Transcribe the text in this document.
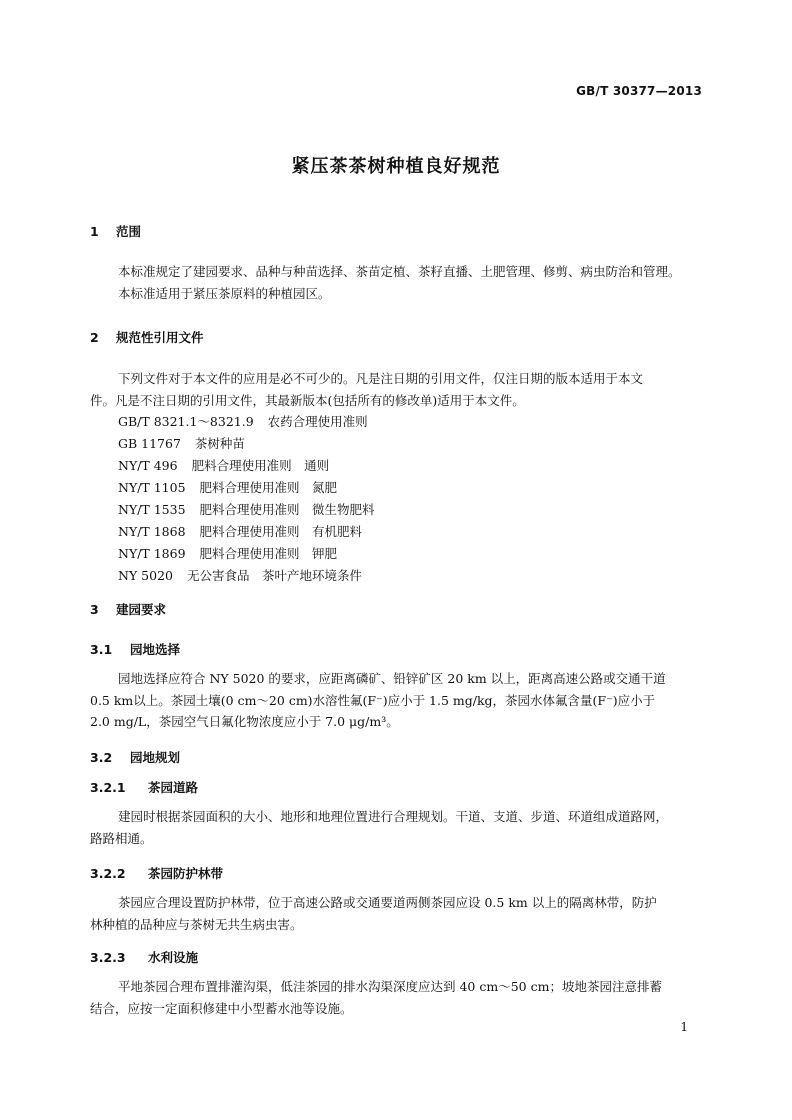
GB/T 30377—2013
紧压茶茶树种植良好规范
1 范围
本标准规定了建园要求、品种与种苗选择、茶苗定植、茶籽直播、土肥管理、修剪、病虫防治和管理。
本标准适用于紧压茶原料的种植园区。
2 规范性引用文件
下列文件对于本文件的应用是必不可少的。凡是注日期的引用文件，仅注日期的版本适用于本文
件。凡是不注日期的引用文件，其最新版本(包括所有的修改单)适用于本文件。
GB/T 8321.1～8321.9 农药合理使用准则
GB 11767 茶树种苗
NY/T 496 肥料合理使用准则　通则
NY/T 1105 肥料合理使用准则　氮肥
NY/T 1535 肥料合理使用准则　微生物肥料
NY/T 1868 肥料合理使用准则　有机肥料
NY/T 1869 肥料合理使用准则　钾肥
NY 5020 无公害食品　茶叶产地环境条件
3 建园要求
3.1 园地选择
园地选择应符合 NY 5020 的要求，应距离磷矿、铅锌矿区 20 km 以上，距离高速公路或交通干道
0.5 km以上。茶园土壤(0 cm～20 cm)水溶性氟(F⁻)应小于 1.5 mg/kg，茶园水体氟含量(F⁻)应小于
2.0 mg/L，茶园空气日氟化物浓度应小于 7.0 μg/m³。
3.2 园地规划
3.2.1 茶园道路
建园时根据茶园面积的大小、地形和地理位置进行合理规划。干道、支道、步道、环道组成道路网，
路路相通。
3.2.2 茶园防护林带
茶园应合理设置防护林带，位于高速公路或交通要道两侧茶园应设 0.5 km 以上的隔离林带，防护
林种植的品种应与茶树无共生病虫害。
3.2.3 水利设施
平地茶园合理布置排灌沟渠，低洼茶园的排水沟渠深度应达到 40 cm～50 cm；坡地茶园注意排蓄
结合，应按一定面积修建中小型蓄水池等设施。
1
